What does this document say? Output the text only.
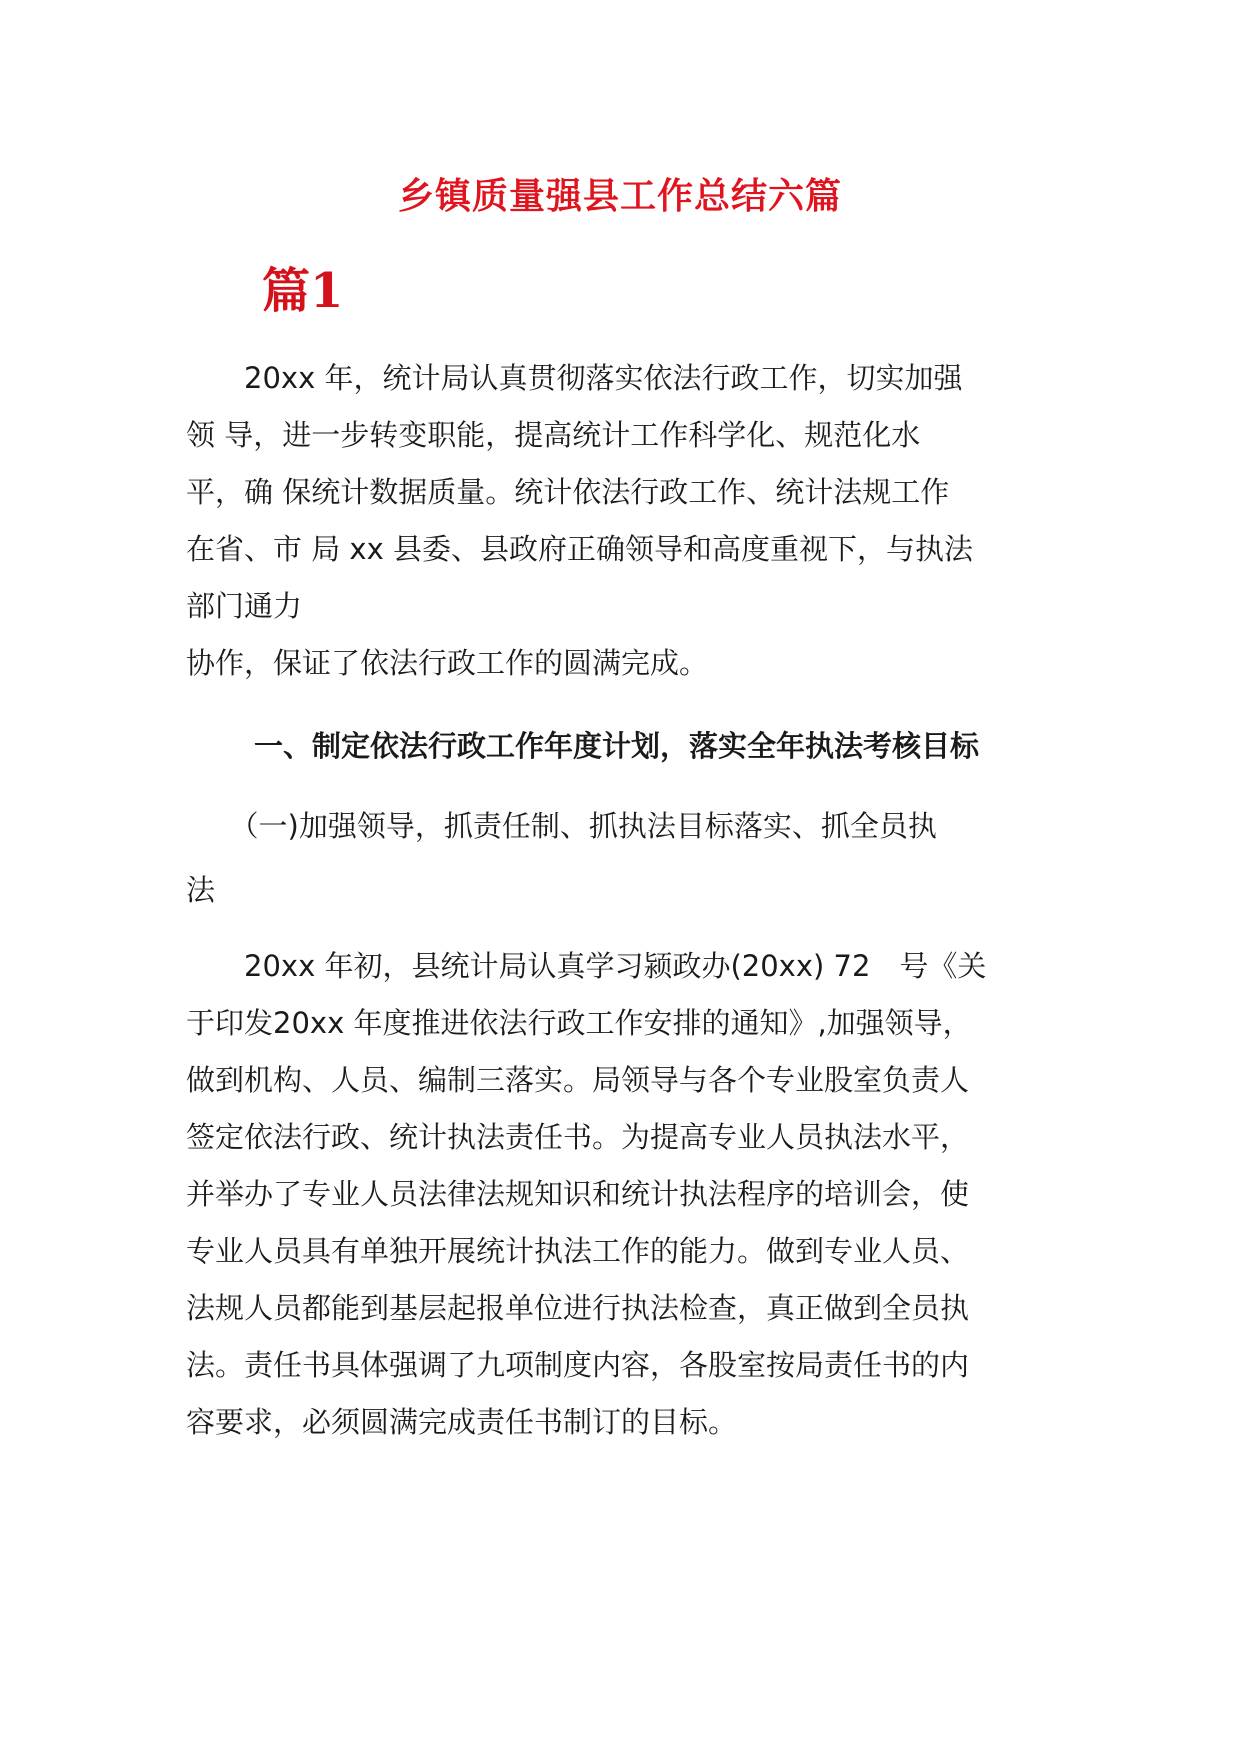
乡镇质量强县工作总结六篇
篇1
　　20xx 年，统计局认真贯彻落实依法行政工作，切实加强
领 导，进一步转变职能，提高统计工作科学化、规范化水
平，确 保统计数据质量。统计依法行政工作、统计法规工作
在省、市 局 xx 县委、县政府正确领导和高度重视下，与执法
部门通力
协作，保证了依法行政工作的圆满完成。
一、制定依法行政工作年度计划，落实全年执法考核目标
　　（一)加强领导，抓责任制、抓执法目标落实、抓全员执
法
　　20xx 年初，县统计局认真学习颍政办(20xx) 72　号《关
于印发20xx 年度推进依法行政工作安排的通知》,加强领导，
做到机构、人员、编制三落实。局领导与各个专业股室负责人
签定依法行政、统计执法责任书。为提高专业人员执法水平，
并举办了专业人员法律法规知识和统计执法程序的培训会，使
专业人员具有单独开展统计执法工作的能力。做到专业人员、
法规人员都能到基层起报单位进行执法检查，真正做到全员执
法。责任书具体强调了九项制度内容，各股室按局责任书的内
容要求，必须圆满完成责任书制订的目标。
